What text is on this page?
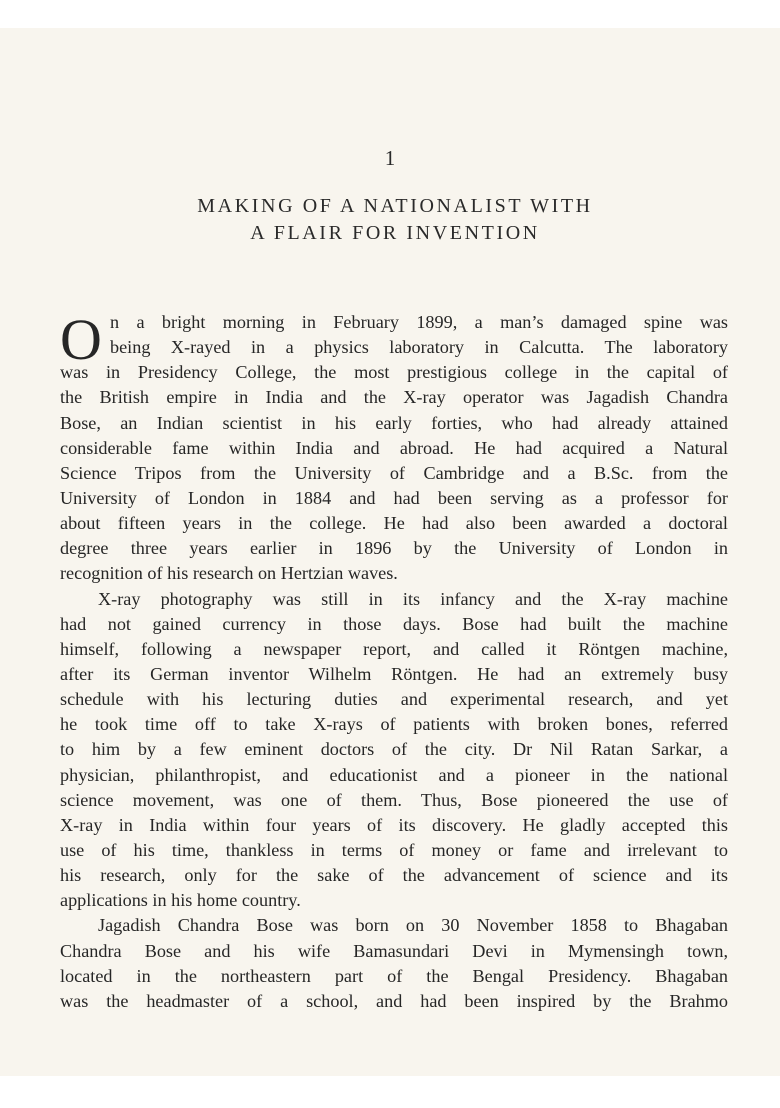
1
MAKING OF A NATIONALIST WITH
A FLAIR FOR INVENTION
O n a bright morning in February 1899, a man’s damaged spine was
being X-rayed in a physics laboratory in Calcutta. The laboratory
was in Presidency College, the most prestigious college in the capital of
the British empire in India and the X-ray operator was Jagadish Chandra
Bose, an Indian scientist in his early forties, who had already attained
considerable fame within India and abroad. He had acquired a Natural
Science Tripos from the University of Cambridge and a B.Sc. from the
University of London in 1884 and had been serving as a professor for
about fifteen years in the college. He had also been awarded a doctoral
degree three years earlier in 1896 by the University of London in
recognition of his research on Hertzian waves.
X-ray photography was still in its infancy and the X-ray machine
had not gained currency in those days. Bose had built the machine
himself, following a newspaper report, and called it Röntgen machine,
after its German inventor Wilhelm Röntgen. He had an extremely busy
schedule with his lecturing duties and experimental research, and yet
he took time off to take X-rays of patients with broken bones, referred
to him by a few eminent doctors of the city. Dr Nil Ratan Sarkar, a
physician, philanthropist, and educationist and a pioneer in the national
science movement, was one of them. Thus, Bose pioneered the use of
X-ray in India within four years of its discovery. He gladly accepted this
use of his time, thankless in terms of money or fame and irrelevant to
his research, only for the sake of the advancement of science and its
applications in his home country.
Jagadish Chandra Bose was born on 30 November 1858 to Bhagaban
Chandra Bose and his wife Bamasundari Devi in Mymensingh town,
located in the northeastern part of the Bengal Presidency. Bhagaban
was the headmaster of a school, and had been inspired by the Brahmo
